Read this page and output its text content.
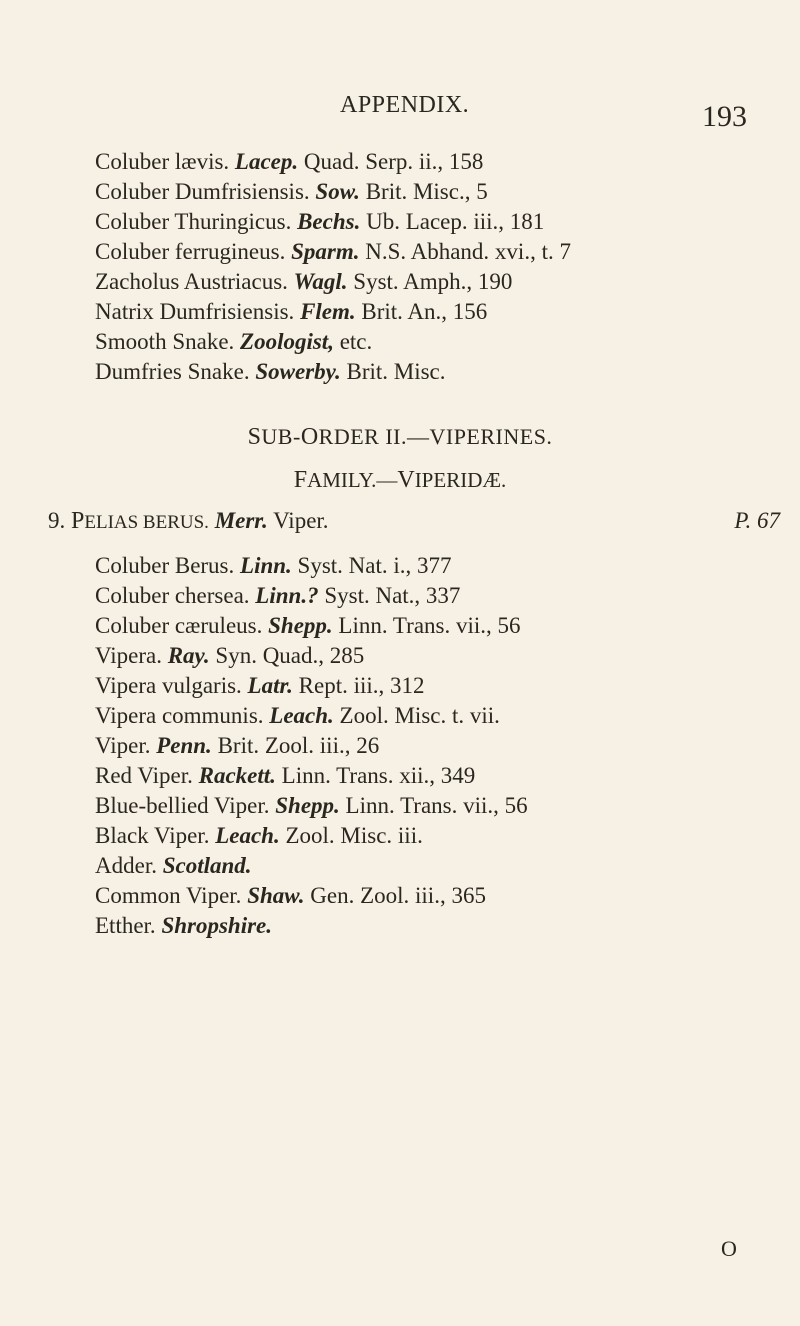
APPENDIX.	193
Coluber lævis. Lacep. Quad. Serp. ii., 158
Coluber Dumfrisiensis. Sow. Brit. Misc., 5
Coluber Thuringicus. Bechs. Ub. Lacep. iii., 181
Coluber ferrugineus. Sparm. N.S. Abhand. xvi., t. 7
Zacholus Austriacus. Wagl. Syst. Amph., 190
Natrix Dumfrisiensis. Flem. Brit. An., 156
Smooth Snake. Zoologist, etc.
Dumfries Snake. Sowerby. Brit. Misc.
SUB-ORDER II.—VIPERINES.
FAMILY.—VIPERIDÆ.
9. PELIAS BERUS. Merr. Viper.	P. 67
Coluber Berus. Linn. Syst. Nat. i., 377
Coluber chersea. Linn.? Syst. Nat., 337
Coluber cæruleus. Shepp. Linn. Trans. vii., 56
Vipera. Ray. Syn. Quad., 285
Vipera vulgaris. Latr. Rept. iii., 312
Vipera communis. Leach. Zool. Misc. t. vii.
Viper. Penn. Brit. Zool. iii., 26
Red Viper. Rackett. Linn. Trans. xii., 349
Blue-bellied Viper. Shepp. Linn. Trans. vii., 56
Black Viper. Leach. Zool. Misc. iii.
Adder. Scotland.
Common Viper. Shaw. Gen. Zool. iii., 365
Etther. Shropshire.
O
